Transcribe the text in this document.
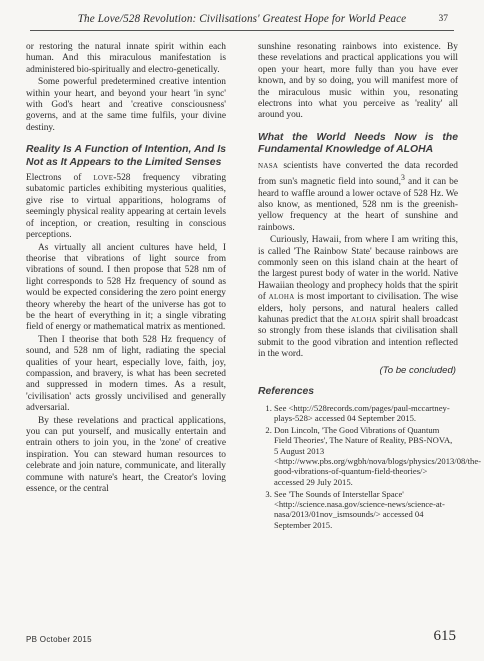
The Love/528 Revolution: Civilisations' Greatest Hope for World Peace	37

or restoring the natural innate spirit within each human. And this miraculous manifestation is administered bio-spiritually and electro-genetically.

Some powerful predetermined creative intention within your heart, and beyond your heart 'in sync' with God's heart and 'creative consciousness' governs, and at the same time fulfils, your divine destiny.

Reality Is A Function of Intention, And Is Not as It Appears to the Limited Senses

Electrons of love-528 frequency vibrating subatomic particles exhibiting mysterious qualities, give rise to virtual apparitions, holograms of seemingly physical reality appearing at certain levels of inception, or creation, resulting in conscious perceptions.

As virtually all ancient cultures have held, I theorise that vibrations of light source from vibrations of sound. I then propose that 528 nm of light corresponds to 528 Hz frequency of sound as would be expected considering the zero point energy theory whereby the heart of the universe has got to be the heart of everything in it; a single vibrating field of energy or mathematical matrix as mentioned.

Then I theorise that both 528 Hz frequency of sound, and 528 nm of light, radiating the special qualities of your heart, especially love, faith, joy, compassion, and bravery, is what has been secreted and suppressed in modern times. As a result, 'civilisation' acts grossly uncivilised and generally adversarial.

By these revelations and practical applications, you can put yourself, and musically entertain and entrain others to join you, in the 'zone' of creative inspiration. You can steward human resources to celebrate and join nature, communicate, and literally commune with nature's heart, the Creator's loving essence, or the central

sunshine resonating rainbows into existence. By these revelations and practical applications you will open your heart, more fully than you have ever known, and by so doing, you will manifest more of the miraculous music within you, resonating electrons into what you perceive as 'reality' all around you.

What the World Needs Now is the Fundamental Knowledge of ALOHA

nasa scientists have converted the data recorded from sun's magnetic field into sound,$^3$ and it can be heard to waffle around a lower octave of 528 Hz. We also know, as mentioned, 528 nm is the greenish-yellow frequency at the heart of sunshine and rainbows.

Curiously, Hawaii, from where I am writing this, is called 'The Rainbow State' because rainbows are commonly seen on this island chain at the heart of the largest purest body of water in the world. Native Hawaiian theology and prophecy holds that the spirit of aloha is most important to civilisation. The wise elders, holy persons, and natural healers called kahunas predict that the aloha spirit shall broadcast so strongly from these islands that civilisation shall submit to the good vibration and intention reflected in the word.

(To be concluded)
References
1. See <http://528records.com/pages/paul-mccartney-plays-528> accessed 04 September 2015.
2. Don Lincoln, 'The Good Vibrations of Quantum Field Theories', The Nature of Reality, PBS-NOVA, 5 August 2013 <http://www.pbs.org/wgbh/nova/blogs/physics/2013/08/the-good-vibrations-of-quantum-field-theories/> accessed 29 July 2015.
3. See 'The Sounds of Interstellar Space' <http://science.nasa.gov/science-news/science-at-nasa/2013/01nov_ismsounds/> accessed 04 September 2015.
PB October 2015	615
